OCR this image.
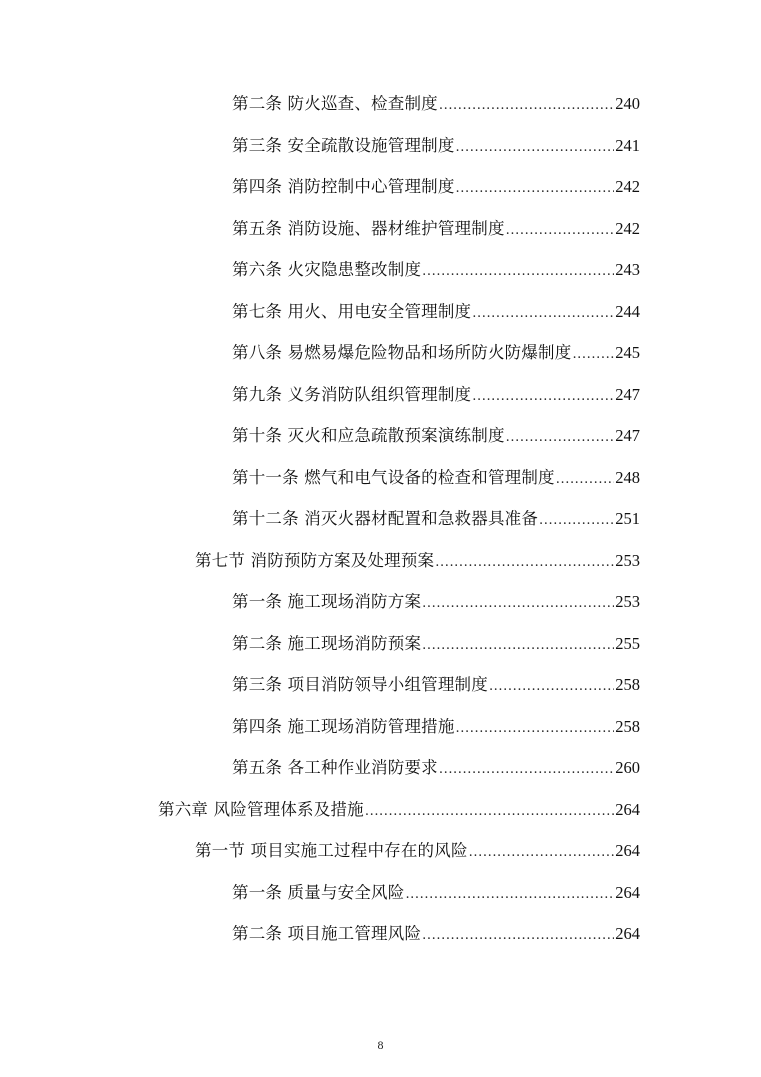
第二条 防火巡查、检查制度 .....	240
第三条 安全疏散设施管理制度 .....	241
第四条 消防控制中心管理制度 .....	242
第五条 消防设施、器材维护管理制度 .....	242
第六条 火灾隐患整改制度 .....	243
第七条 用火、用电安全管理制度 .....	244
第八条 易燃易爆危险物品和场所防火防爆制度 .....	245
第九条 义务消防队组织管理制度 .....	247
第十条 灭火和应急疏散预案演练制度 .....	247
第十一条 燃气和电气设备的检查和管理制度 .....	248
第十二条 消灭火器材配置和急救器具准备 .....	251
第七节 消防预防方案及处理预案 .....	253
第一条 施工现场消防方案 .....	253
第二条 施工现场消防预案 .....	255
第三条 项目消防领导小组管理制度 .....	258
第四条 施工现场消防管理措施 .....	258
第五条 各工种作业消防要求 .....	260
第六章 风险管理体系及措施 .....	264
第一节 项目实施工过程中存在的风险 .....	264
第一条 质量与安全风险 .....	264
第二条 项目施工管理风险 .....	264
8
